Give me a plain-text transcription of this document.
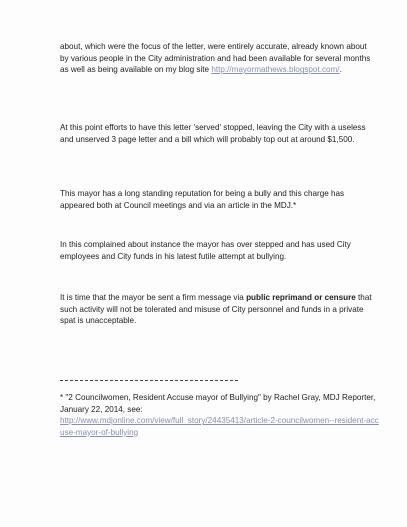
about, which were the focus of the letter, were entirely accurate, already known about by various people in the City administration and had been available for several months as well as being available on my blog site http://mayormathews.blogspot.com/.

At this point efforts to have this letter 'served' stopped, leaving the City with a useless and unserved 3 page letter and a bill which will probably top out at around $1,500.

This mayor has a long standing reputation for being a bully and this charge has appeared both at Council meetings and via an article in the MDJ.*

In this complained about instance the mayor has over stepped and has used City employees and City funds in his latest futile attempt at bullying.

It is time that the mayor be sent a firm message via public reprimand or censure that such activity will not be tolerated and misuse of City personnel and funds in a private spat is unacceptable.

* "2 Councilwomen, Resident Accuse mayor of Bullying" by Rachel Gray, MDJ Reporter, January 22, 2014, see:
http://www.mdjonline.com/view/full_story/24435413/article-2-councilwomen--resident-accuse-mayor-of-bullying
